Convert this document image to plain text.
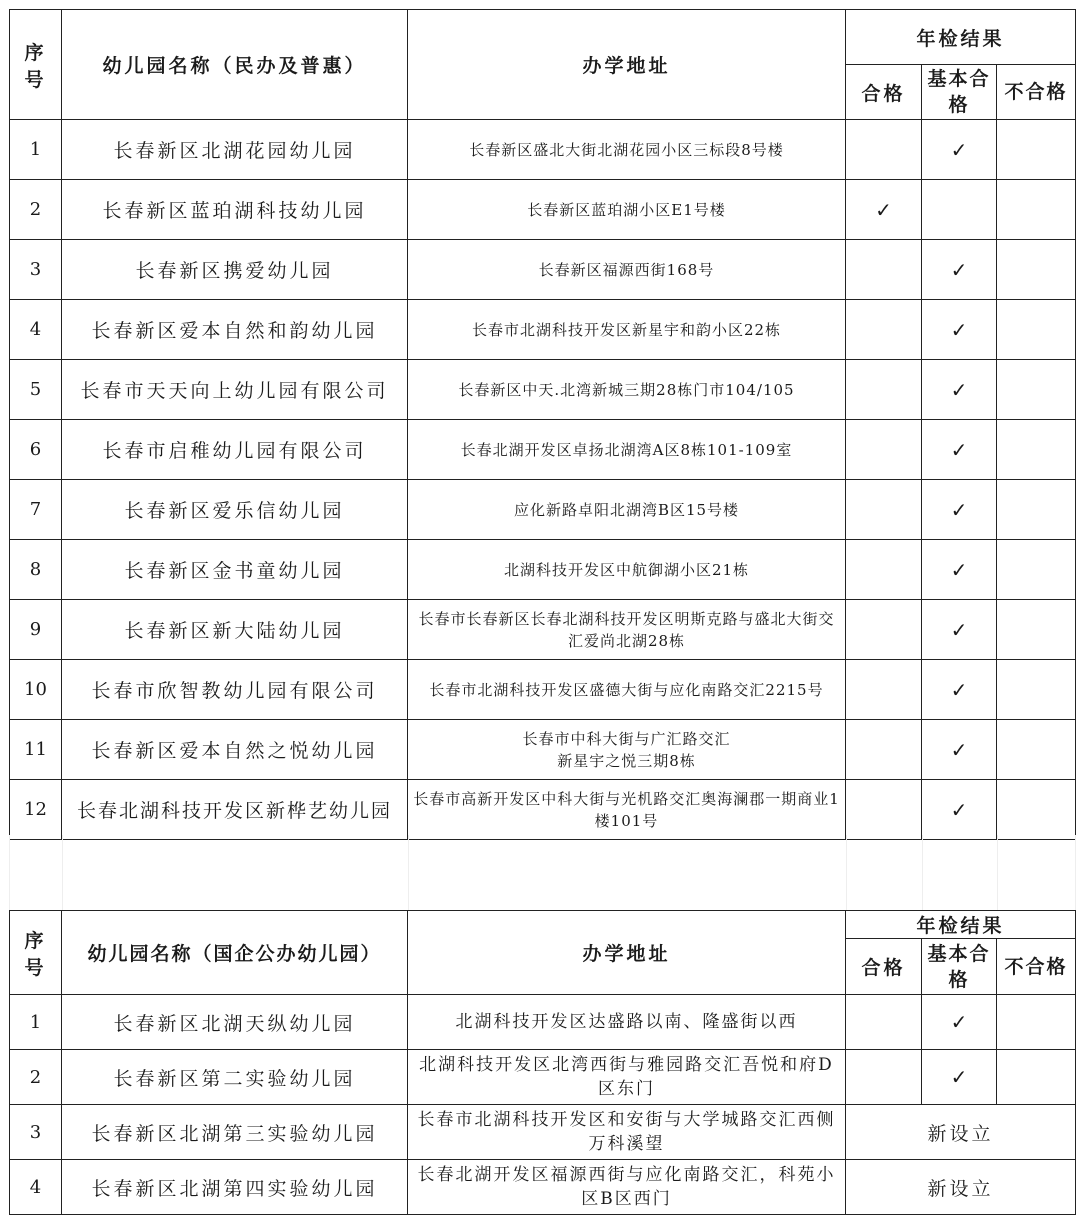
序号	幼儿园名称（民办及普惠）	办学地址	年检结果		
			合格	基本合格	不合格
1	长春新区北湖花园幼儿园	长春新区盛北大街北湖花园小区三标段8号楼		✓	
2	长春新区蓝珀湖科技幼儿园	长春新区蓝珀湖小区E1号楼	✓		
3	长春新区携爱幼儿园	长春新区福源西街168号		✓	
4	长春新区爱本自然和韵幼儿园	长春市北湖科技开发区新星宇和韵小区22栋		✓	
5	长春市天天向上幼儿园有限公司	长春新区中天.北湾新城三期28栋门市104/105		✓	
6	长春市启稚幼儿园有限公司	长春北湖开发区卓扬北湖湾A区8栋101-109室		✓	
7	长春新区爱乐信幼儿园	应化新路卓阳北湖湾B区15号楼		✓	
8	长春新区金书童幼儿园	北湖科技开发区中航御湖小区21栋		✓	
9	长春新区新大陆幼儿园	长春市长春新区长春北湖科技开发区明斯克路与盛北大街交汇爱尚北湖28栋		✓	
10	长春市欣智教幼儿园有限公司	长春市北湖科技开发区盛德大街与应化南路交汇2215号		✓	
11	长春新区爱本自然之悦幼儿园	长春市中科大街与广汇路交汇
新星宇之悦三期8栋		✓	
12	长春北湖科技开发区新桦艺幼儿园	长春市高新开发区中科大街与光机路交汇奥海澜郡一期商业1楼101号		✓	
序号	幼儿园名称（国企公办幼儿园）	办学地址	年检结果		
			合格	基本合格	不合格
1	长春新区北湖天纵幼儿园	北湖科技开发区达盛路以南、隆盛街以西		✓	
2	长春新区第二实验幼儿园	北湖科技开发区北湾西街与雅园路交汇吾悦和府D区东门		✓	
3	长春新区北湖第三实验幼儿园	长春市北湖科技开发区和安街与大学城路交汇西侧万科溪望	新设立		
4	长春新区北湖第四实验幼儿园	长春北湖开发区福源西街与应化南路交汇，科苑小区B区西门	新设立		
